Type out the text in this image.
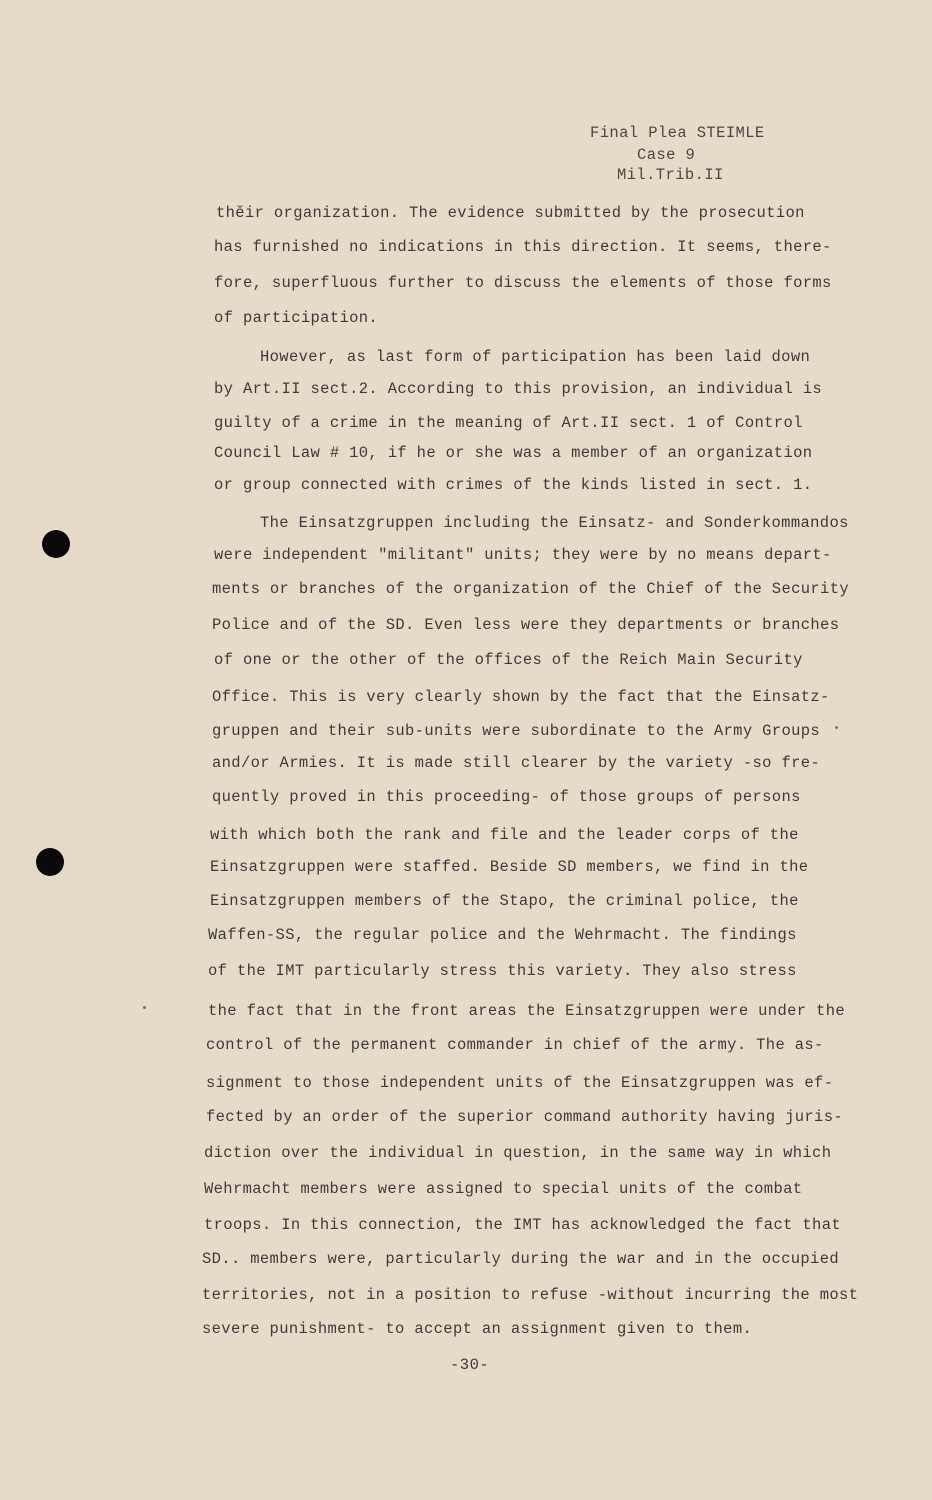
Final Plea STEIMLE
Case 9
Mil.Trib.II
thĕir organization. The evidence submitted by the prosecution
has furnished no indications in this direction. It seems, there-
fore, superfluous further to discuss the elements of those forms
of participation.
However, as last form of participation has been laid down
by Art.II sect.2. According to this provision, an individual is
guilty of a crime in the meaning of Art.II sect. 1 of Control
Council Law # 10, if he or she was a member of an organization
or group connected with crimes of the kinds listed in sect. 1.
The Einsatzgruppen including the Einsatz- and Sonderkommandos
were independent "militant" units; they were by no means depart-
ments or branches of the organization of the Chief of the Security
Police and of the SD. Even less were they departments or branches
of one or the other of the offices of the Reich Main Security
Office. This is very clearly shown by the fact that the Einsatz-
gruppen and their sub-units were subordinate to the Army Groups
and/or Armies. It is made still clearer by the variety -so fre-
quently proved in this proceeding- of those groups of persons
with which both the rank and file and the leader corps of the
Einsatzgruppen were staffed. Beside SD members, we find in the
Einsatzgruppen members of the Stapo, the criminal police, the
Waffen-SS, the regular police and the Wehrmacht. The findings
of the IMT particularly stress this variety. They also stress
the fact that in the front areas the Einsatzgruppen were under the
control of the permanent commander in chief of the army. The as-
signment to those independent units of the Einsatzgruppen was ef-
fected by an order of the superior command authority having juris-
diction over the individual in question, in the same way in which
Wehrmacht members were assigned to special units of the combat
troops. In this connection, the IMT has acknowledged the fact that
SD.. members were, particularly during the war and in the occupied
territories, not in a position to refuse -without incurring the most
severe punishment- to accept an assignment given to them.
-30-
